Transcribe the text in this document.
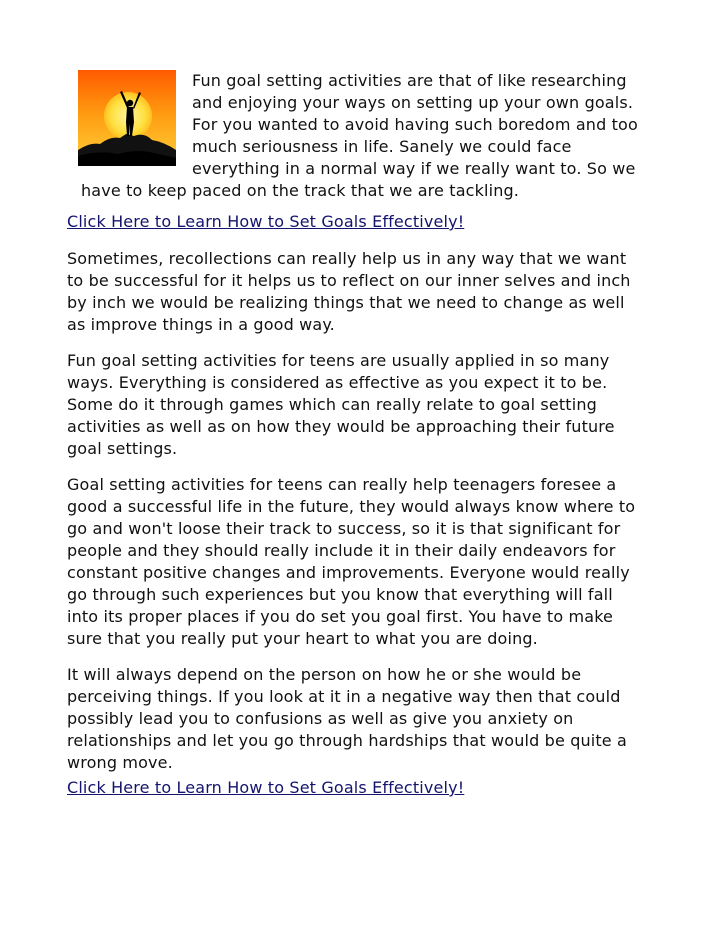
Fun goal setting activities are that of like researching
and enjoying your ways on setting up your own goals.
For you wanted to avoid having such boredom and too
much seriousness in life. Sanely we could face
everything in a normal way if we really want to. So we
have to keep paced on the track that we are tackling.
Click Here to Learn How to Set Goals Effectively!
Sometimes, recollections can really help us in any way that we want
to be successful for it helps us to reflect on our inner selves and inch
by inch we would be realizing things that we need to change as well
as improve things in a good way.
Fun goal setting activities for teens are usually applied in so many
ways. Everything is considered as effective as you expect it to be.
Some do it through games which can really relate to goal setting
activities as well as on how they would be approaching their future
goal settings.
Goal setting activities for teens can really help teenagers foresee a
good a successful life in the future, they would always know where to
go and won't loose their track to success, so it is that significant for
people and they should really include it in their daily endeavors for
constant positive changes and improvements. Everyone would really
go through such experiences but you know that everything will fall
into its proper places if you do set you goal first. You have to make
sure that you really put your heart to what you are doing.
It will always depend on the person on how he or she would be
perceiving things. If you look at it in a negative way then that could
possibly lead you to confusions as well as give you anxiety on
relationships and let you go through hardships that would be quite a
wrong move.
Click Here to Learn How to Set Goals Effectively!
